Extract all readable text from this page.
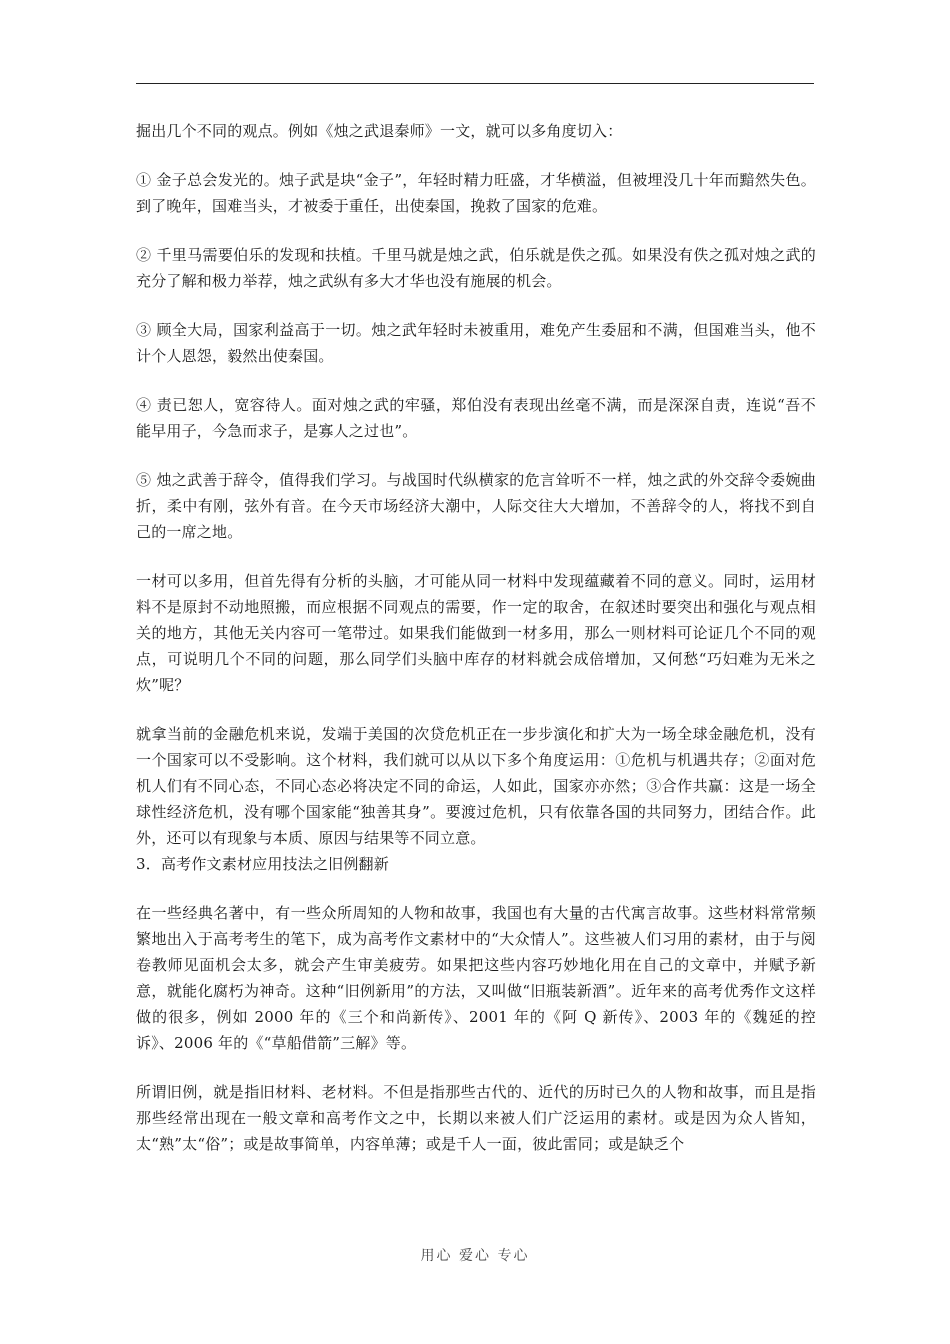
掘出几个不同的观点。例如《烛之武退秦师》一文，就可以多角度切入：

① 金子总会发光的。烛子武是块“金子”，年轻时精力旺盛，才华横溢，但被埋没几十年而黯然失色。到了晚年，国难当头，才被委于重任，出使秦国，挽救了国家的危难。

② 千里马需要伯乐的发现和扶植。千里马就是烛之武，伯乐就是佚之孤。如果没有佚之孤对烛之武的充分了解和极力举荐，烛之武纵有多大才华也没有施展的机会。

③ 顾全大局，国家利益高于一切。烛之武年轻时未被重用，难免产生委屈和不满，但国难当头，他不计个人恩怨，毅然出使秦国。

④ 责已恕人，宽容待人。面对烛之武的牢骚，郑伯没有表现出丝毫不满，而是深深自责，连说“吾不能早用子，今急而求子，是寡人之过也”。

⑤ 烛之武善于辞令，值得我们学习。与战国时代纵横家的危言耸听不一样，烛之武的外交辞令委婉曲折，柔中有刚，弦外有音。在今天市场经济大潮中，人际交往大大增加，不善辞令的人，将找不到自己的一席之地。

一材可以多用，但首先得有分析的头脑，才可能从同一材料中发现蕴藏着不同的意义。同时，运用材料不是原封不动地照搬，而应根据不同观点的需要，作一定的取舍，在叙述时要突出和强化与观点相关的地方，其他无关内容可一笔带过。如果我们能做到一材多用，那么一则材料可论证几个不同的观点，可说明几个不同的问题，那么同学们头脑中库存的材料就会成倍增加，又何愁“巧妇难为无米之炊”呢？

就拿当前的金融危机来说，发端于美国的次贷危机正在一步步演化和扩大为一场全球金融危机，没有一个国家可以不受影响。这个材料，我们就可以从以下多个角度运用：①危机与机遇共存；②面对危机人们有不同心态，不同心态必将决定不同的命运，人如此，国家亦亦然；③合作共赢：这是一场全球性经济危机，没有哪个国家能“独善其身”。要渡过危机，只有依靠各国的共同努力，团结合作。此外，还可以有现象与本质、原因与结果等不同立意。

3．高考作文素材应用技法之旧例翻新

在一些经典名著中，有一些众所周知的人物和故事，我国也有大量的古代寓言故事。这些材料常常频繁地出入于高考考生的笔下，成为高考作文素材中的“大众情人”。这些被人们习用的素材，由于与阅卷教师见面机会太多，就会产生审美疲劳。如果把这些内容巧妙地化用在自己的文章中，并赋予新意，就能化腐朽为神奇。这种“旧例新用”的方法，又叫做“旧瓶装新酒”。近年来的高考优秀作文这样做的很多，例如 2000 年的《三个和尚新传》、2001 年的《阿 Q 新传》、2003 年的《魏延的控诉》、2006 年的《“草船借箭”三解》等。

所谓旧例，就是指旧材料、老材料。不但是指那些古代的、近代的历时已久的人物和故事，而且是指那些经常出现在一般文章和高考作文之中，长期以来被人们广泛运用的素材。或是因为众人皆知，太“熟”太“俗”；或是故事简单，内容单薄；或是千人一面，彼此雷同；或是缺乏个

用心 爱心 专心
